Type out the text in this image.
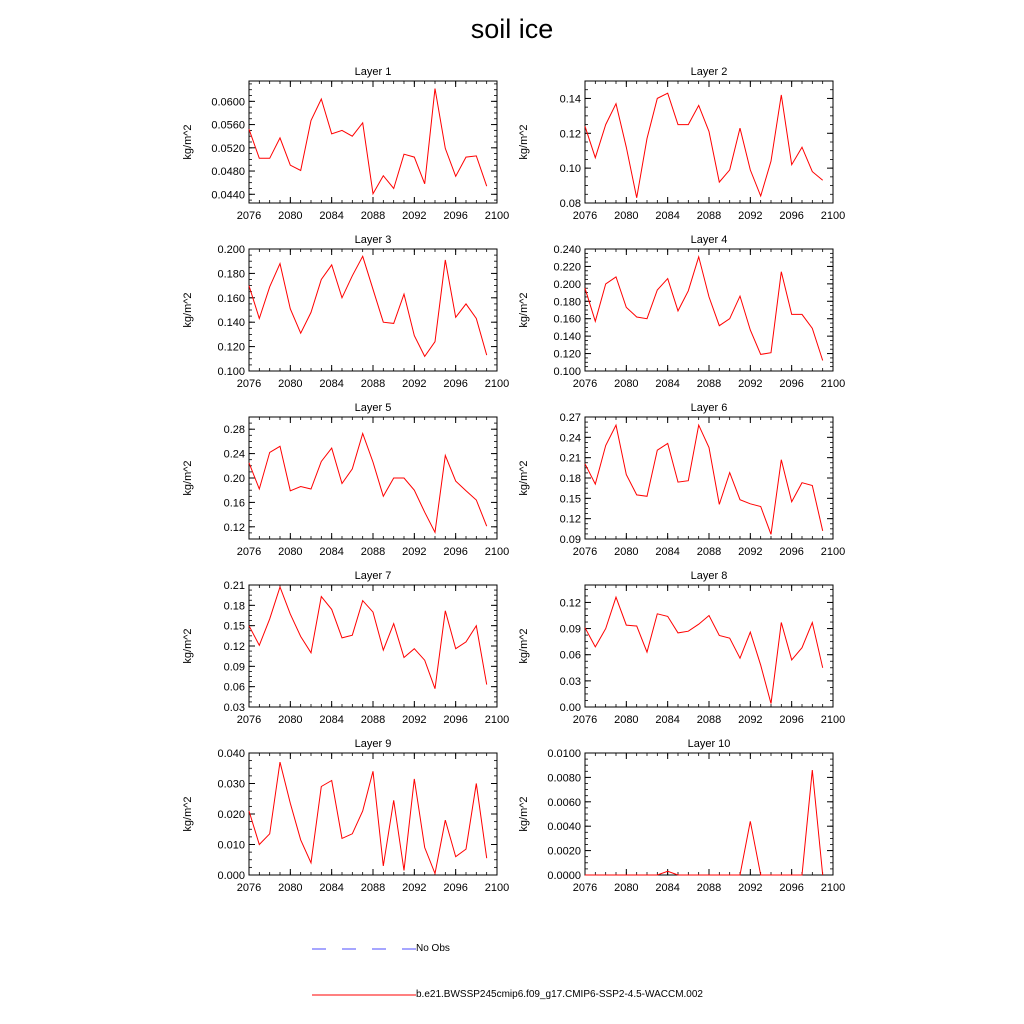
soil ice
Layer 1
kg/m^2
2076 2080 2084 2088 2092 2096 2100
0.0440
0.0480
0.0520
0.0560
0.0600
Layer 2
kg/m^2
2076 2080 2084 2088 2092 2096 2100
0.08
0.10
0.12
0.14
Layer 3
kg/m^2
2076 2080 2084 2088 2092 2096 2100
0.100
0.120
0.140
0.160
0.180
0.200
Layer 4
kg/m^2
2076 2080 2084 2088 2092 2096 2100
0.100
0.120
0.140
0.160
0.180
0.200
0.220
0.240
Layer 5
kg/m^2
2076 2080 2084 2088 2092 2096 2100
0.12
0.16
0.20
0.24
0.28
Layer 6
kg/m^2
2076 2080 2084 2088 2092 2096 2100
0.09
0.12
0.15
0.18
0.21
0.24
0.27
Layer 7
kg/m^2
2076 2080 2084 2088 2092 2096 2100
0.03
0.06
0.09
0.12
0.15
0.18
0.21
Layer 8
kg/m^2
2076 2080 2084 2088 2092 2096 2100
0.00
0.03
0.06
0.09
0.12
Layer 9
kg/m^2
2076 2080 2084 2088 2092 2096 2100
0.000
0.010
0.020
0.030
0.040
Layer 10
kg/m^2
2076 2080 2084 2088 2092 2096 2100
0.0000
0.0020
0.0040
0.0060
0.0080
0.0100
No Obs
b.e21.BWSSP245cmip6.f09_g17.CMIP6-SSP2-4.5-WACCM.002
